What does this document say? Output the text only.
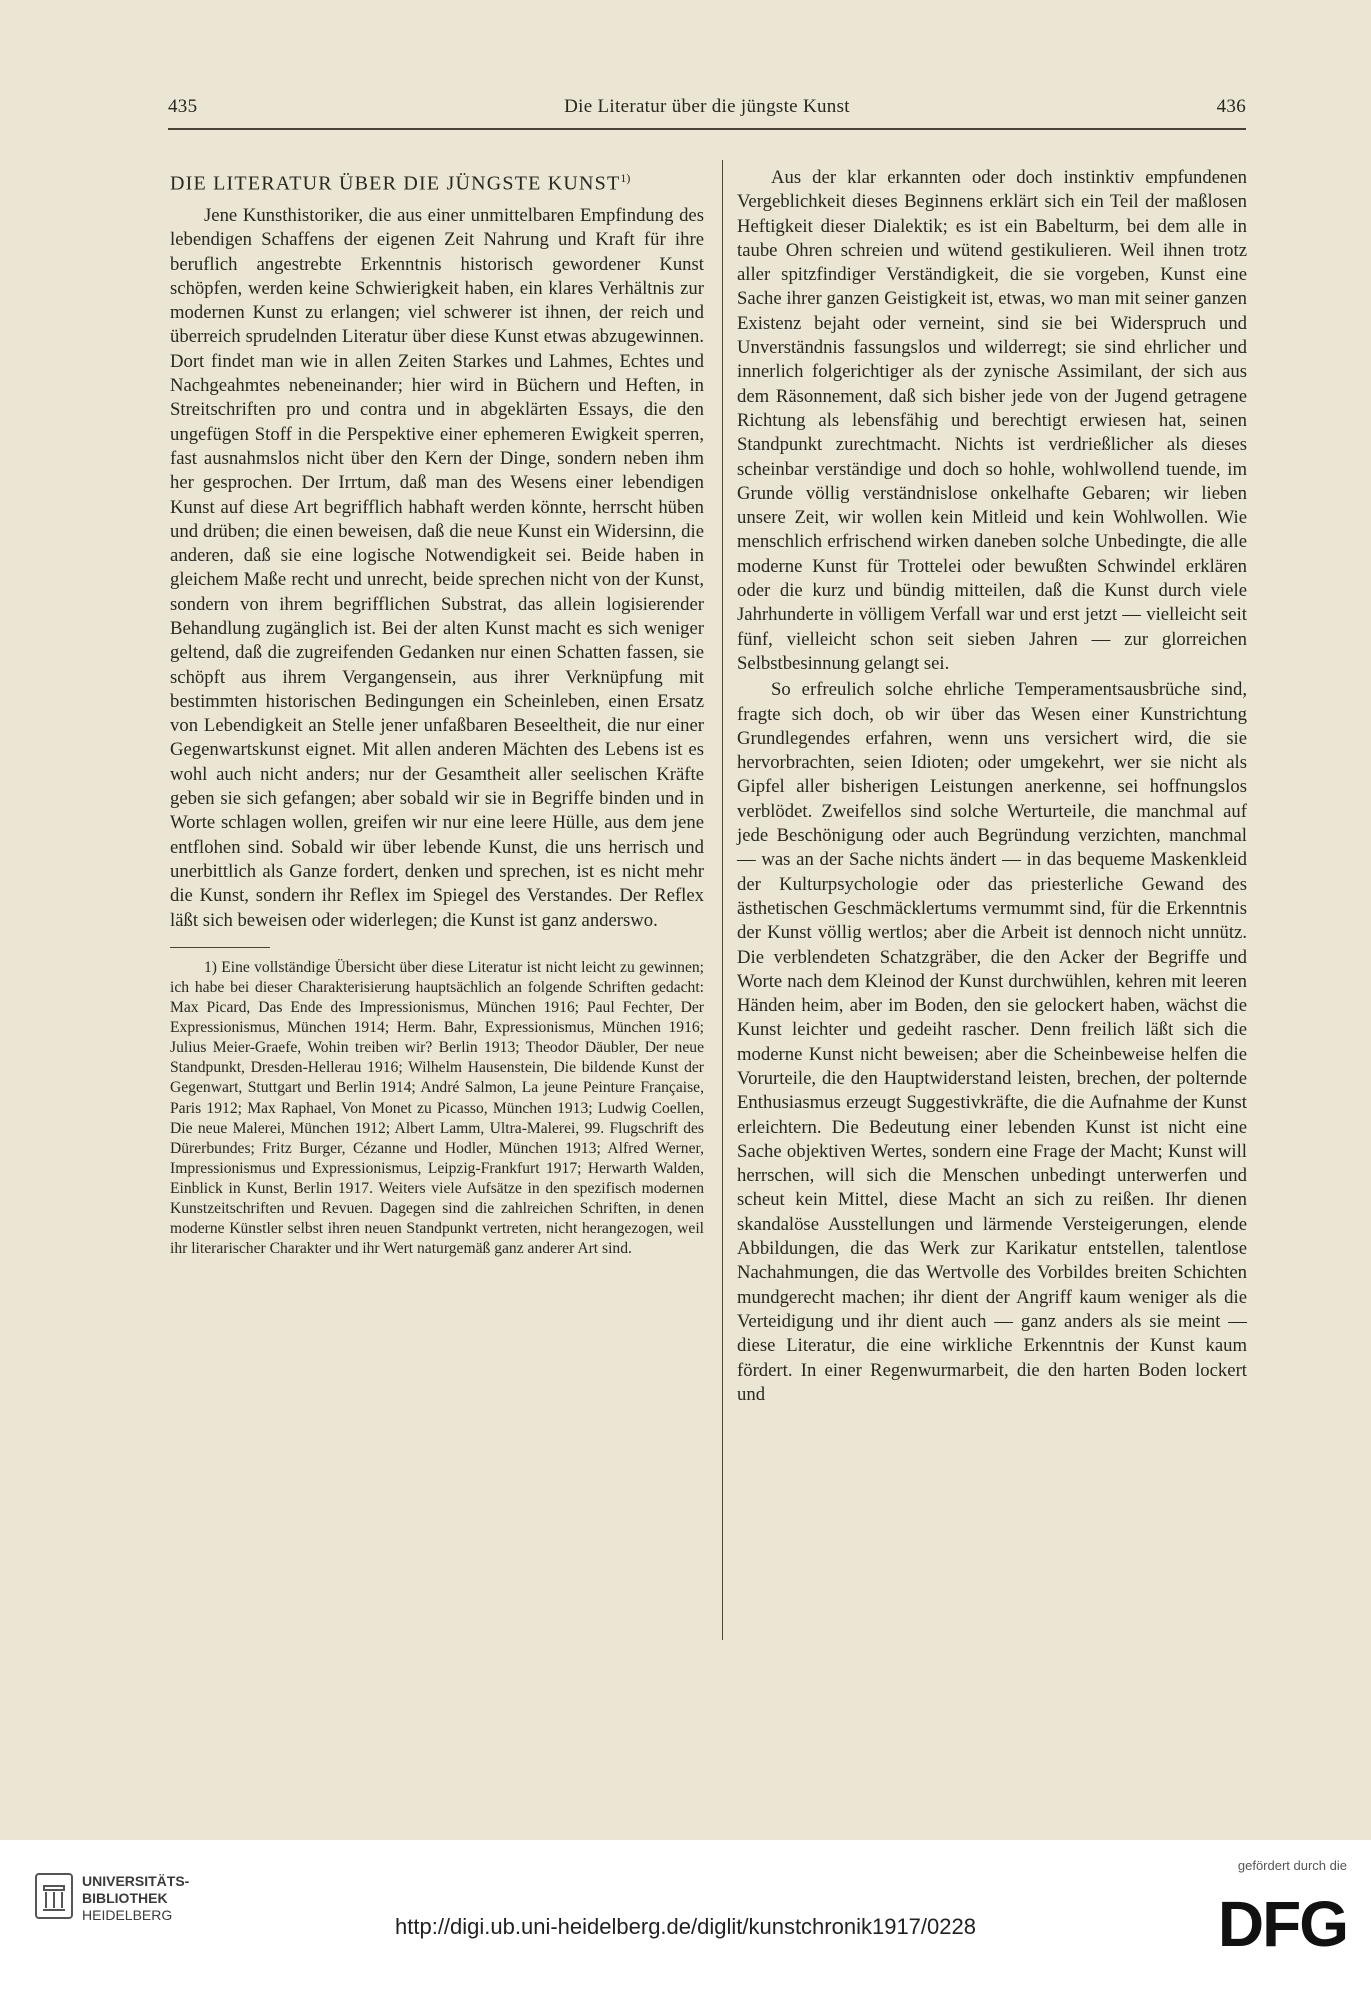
435	Die Literatur über die jüngste Kunst	436
DIE LITERATUR ÜBER DIE JÜNGSTE KUNST$^{1)}$

Jene Kunsthistoriker, die aus einer unmittelbaren Empfindung des lebendigen Schaffens der eigenen Zeit Nahrung und Kraft für ihre beruflich angestrebte Erkenntnis historisch gewordener Kunst schöpfen, werden keine Schwierigkeit haben, ein klares Verhältnis zur modernen Kunst zu erlangen; viel schwerer ist ihnen, der reich und überreich sprudelnden Literatur über diese Kunst etwas abzugewinnen. Dort findet man wie in allen Zeiten Starkes und Lahmes, Echtes und Nachgeahmtes nebeneinander; hier wird in Büchern und Heften, in Streitschriften pro und contra und in abgeklärten Essays, die den ungefügen Stoff in die Perspektive einer ephemeren Ewigkeit sperren, fast ausnahmslos nicht über den Kern der Dinge, sondern neben ihm her gesprochen. Der Irrtum, daß man des Wesens einer lebendigen Kunst auf diese Art begrifflich habhaft werden könnte, herrscht hüben und drüben; die einen beweisen, daß die neue Kunst ein Widersinn, die anderen, daß sie eine logische Notwendigkeit sei. Beide haben in gleichem Maße recht und unrecht, beide sprechen nicht von der Kunst, sondern von ihrem begrifflichen Substrat, das allein logisierender Behandlung zugänglich ist. Bei der alten Kunst macht es sich weniger geltend, daß die zugreifenden Gedanken nur einen Schatten fassen, sie schöpft aus ihrem Vergangensein, aus ihrer Verknüpfung mit bestimmten historischen Bedingungen ein Scheinleben, einen Ersatz von Lebendigkeit an Stelle jener unfaßbaren Beseeltheit, die nur einer Gegenwartskunst eignet. Mit allen anderen Mächten des Lebens ist es wohl auch nicht anders; nur der Gesamtheit aller seelischen Kräfte geben sie sich gefangen; aber sobald wir sie in Begriffe binden und in Worte schlagen wollen, greifen wir nur eine leere Hülle, aus dem jene entflohen sind. Sobald wir über lebende Kunst, die uns herrisch und unerbittlich als Ganze fordert, denken und sprechen, ist es nicht mehr die Kunst, sondern ihr Reflex im Spiegel des Verstandes. Der Reflex läßt sich beweisen oder widerlegen; die Kunst ist ganz anderswo.

1) Eine vollständige Übersicht über diese Literatur ist nicht leicht zu gewinnen; ich habe bei dieser Charakterisierung hauptsächlich an folgende Schriften gedacht: Max Picard, Das Ende des Impressionismus, München 1916; Paul Fechter, Der Expressionismus, München 1914; Herm. Bahr, Expressionismus, München 1916; Julius Meier-Graefe, Wohin treiben wir? Berlin 1913; Theodor Däubler, Der neue Standpunkt, Dresden-Hellerau 1916; Wilhelm Hausenstein, Die bildende Kunst der Gegenwart, Stuttgart und Berlin 1914; André Salmon, La jeune Peinture Française, Paris 1912; Max Raphael, Von Monet zu Picasso, München 1913; Ludwig Coellen, Die neue Malerei, München 1912; Albert Lamm, Ultra-Malerei, 99. Flugschrift des Dürerbundes; Fritz Burger, Cézanne und Hodler, München 1913; Alfred Werner, Impressionismus und Expressionismus, Leipzig-Frankfurt 1917; Herwarth Walden, Einblick in Kunst, Berlin 1917. Weiters viele Aufsätze in den spezifisch modernen Kunstzeitschriften und Revuen. Dagegen sind die zahlreichen Schriften, in denen moderne Künstler selbst ihren neuen Standpunkt vertreten, nicht herangezogen, weil ihr literarischer Charakter und ihr Wert naturgemäß ganz anderer Art sind.

Aus der klar erkannten oder doch instinktiv empfundenen Vergeblichkeit dieses Beginnens erklärt sich ein Teil der maßlosen Heftigkeit dieser Dialektik; es ist ein Babelturm, bei dem alle in taube Ohren schreien und wütend gestikulieren. Weil ihnen trotz aller spitzfindiger Verständigkeit, die sie vorgeben, Kunst eine Sache ihrer ganzen Geistigkeit ist, etwas, wo man mit seiner ganzen Existenz bejaht oder verneint, sind sie bei Widerspruch und Unverständnis fassungslos und wilderregt; sie sind ehrlicher und innerlich folgerichtiger als der zynische Assimilant, der sich aus dem Räsonnement, daß sich bisher jede von der Jugend getragene Richtung als lebensfähig und berechtigt erwiesen hat, seinen Standpunkt zurechtmacht. Nichts ist verdrießlicher als dieses scheinbar verständige und doch so hohle, wohlwollend tuende, im Grunde völlig verständnislose onkelhafte Gebaren; wir lieben unsere Zeit, wir wollen kein Mitleid und kein Wohlwollen. Wie menschlich erfrischend wirken daneben solche Unbedingte, die alle moderne Kunst für Trottelei oder bewußten Schwindel erklären oder die kurz und bündig mitteilen, daß die Kunst durch viele Jahrhunderte in völligem Verfall war und erst jetzt — vielleicht seit fünf, vielleicht schon seit sieben Jahren — zur glorreichen Selbstbesinnung gelangt sei.

So erfreulich solche ehrliche Temperamentsausbrüche sind, fragte sich doch, ob wir über das Wesen einer Kunstrichtung Grundlegendes erfahren, wenn uns versichert wird, die sie hervorbrachten, seien Idioten; oder umgekehrt, wer sie nicht als Gipfel aller bisherigen Leistungen anerkenne, sei hoffnungslos verblödet. Zweifellos sind solche Werturteile, die manchmal auf jede Beschönigung oder auch Begründung verzichten, manchmal — was an der Sache nichts ändert — in das bequeme Maskenkleid der Kulturpsychologie oder das priesterliche Gewand des ästhetischen Geschmäcklertums vermummt sind, für die Erkenntnis der Kunst völlig wertlos; aber die Arbeit ist dennoch nicht unnütz. Die verblendeten Schatzgräber, die den Acker der Begriffe und Worte nach dem Kleinod der Kunst durchwühlen, kehren mit leeren Händen heim, aber im Boden, den sie gelockert haben, wächst die Kunst leichter und gedeiht rascher. Denn freilich läßt sich die moderne Kunst nicht beweisen; aber die Scheinbeweise helfen die Vorurteile, die den Hauptwiderstand leisten, brechen, der polternde Enthusiasmus erzeugt Suggestivkräfte, die die Aufnahme der Kunst erleichtern. Die Bedeutung einer lebenden Kunst ist nicht eine Sache objektiven Wertes, sondern eine Frage der Macht; Kunst will herrschen, will sich die Menschen unbedingt unterwerfen und scheut kein Mittel, diese Macht an sich zu reißen. Ihr dienen skandalöse Ausstellungen und lärmende Versteigerungen, elende Abbildungen, die das Werk zur Karikatur entstellen, talentlose Nachahmungen, die das Wertvolle des Vorbildes breiten Schichten mundgerecht machen; ihr dient der Angriff kaum weniger als die Verteidigung und ihr dient auch — ganz anders als sie meint — diese Literatur, die eine wirkliche Erkenntnis der Kunst kaum fördert. In einer Regenwurmarbeit, die den harten Boden lockert und

UNIVERSITÄTS-
BIBLIOTHEK
HEIDELBERG	http://digi.ub.uni-heidelberg.de/diglit/kunstchronik1917/0228
gefördert durch die
DFG
